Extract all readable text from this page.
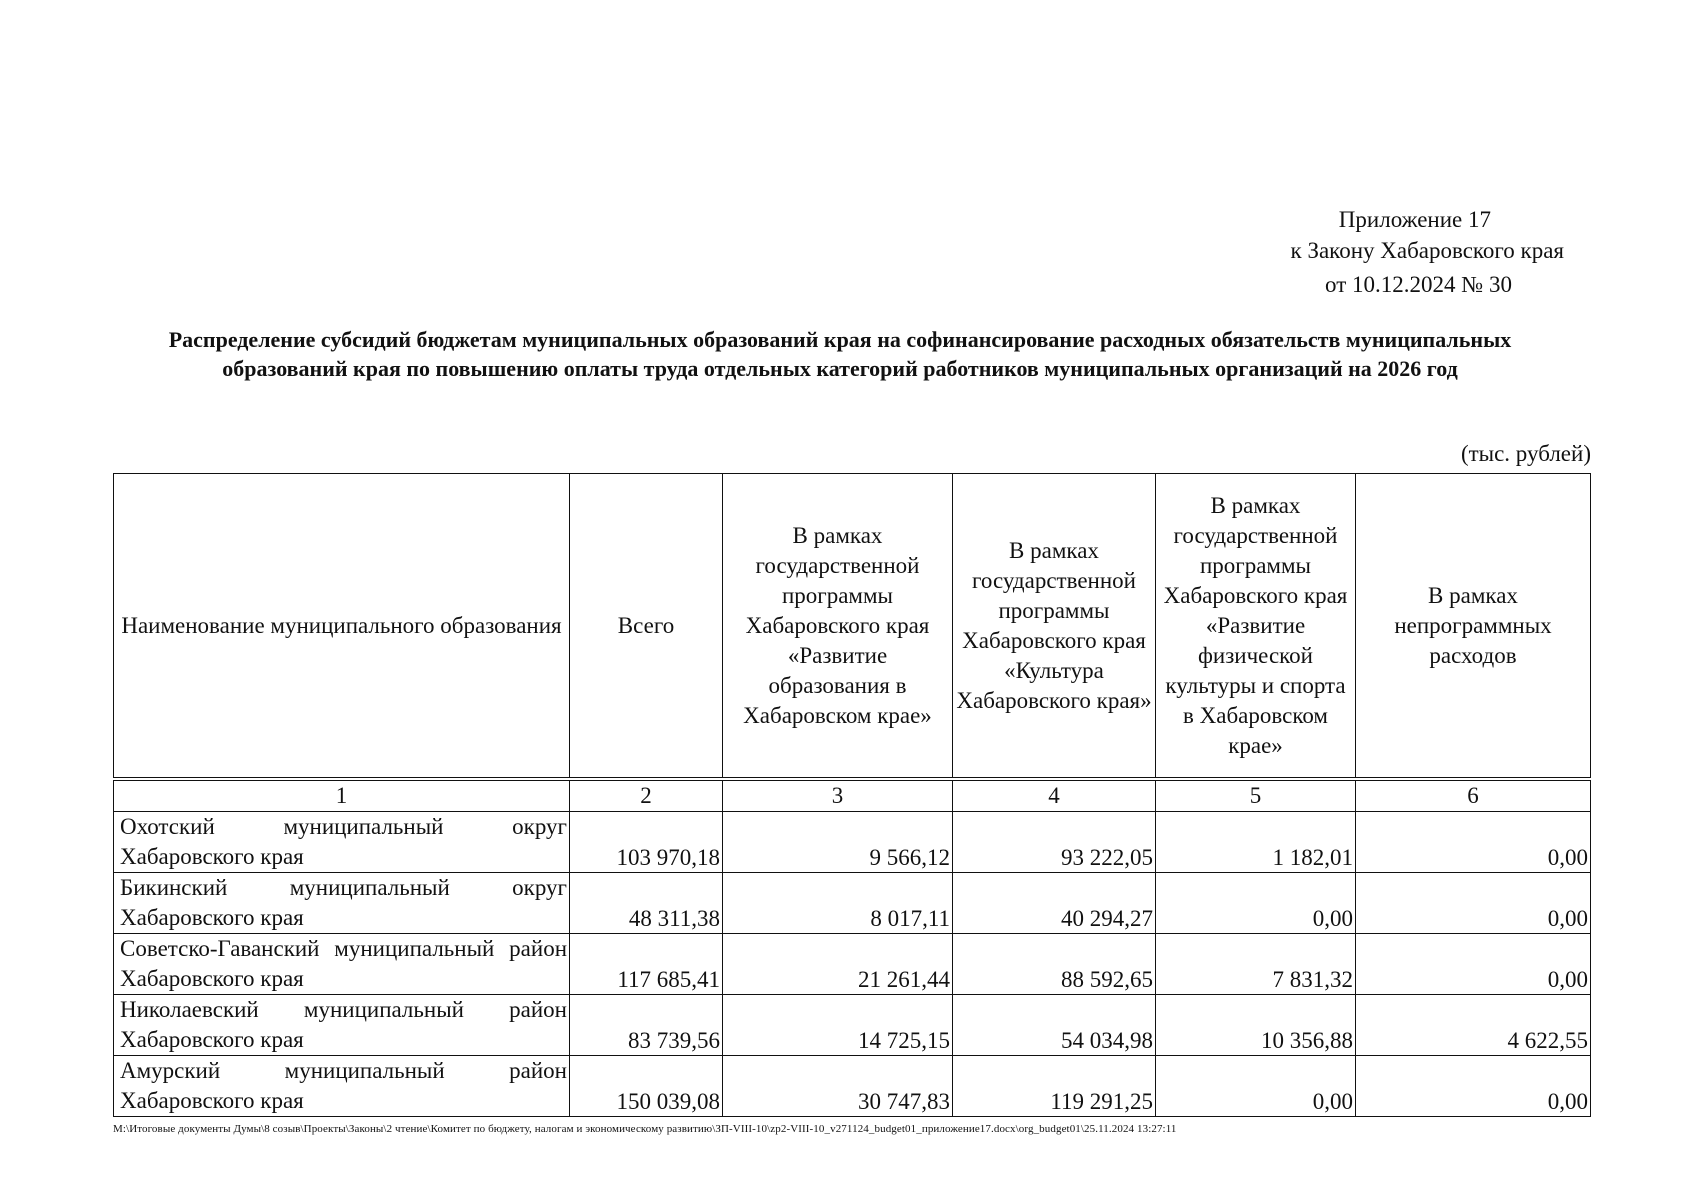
Приложение 17
к Закону Хабаровского края
от 10.12.2024 № 30
Распределение субсидий бюджетам муниципальных образований края на софинансирование расходных обязательств муниципальных образований края по повышению оплаты труда отдельных категорий работников муниципальных организаций на 2026 год
(тыс. рублей)
Наименование муниципального образования	Всего	В рамках государственной программы Хабаровского края «Развитие образования в Хабаровском крае»	В рамках государственной программы Хабаровского края «Культура Хабаровского края»	В рамках государственной программы Хабаровского края «Развитие физической культуры и спорта в Хабаровском крае»	В рамках непрограммных расходов
1	2	3	4	5	6
Охотский муниципальный округ Хабаровского края	103 970,18	9 566,12	93 222,05	1 182,01	0,00
Бикинский муниципальный округ Хабаровского края	48 311,38	8 017,11	40 294,27	0,00	0,00
Советско-Гаванский муниципальный район Хабаровского края	117 685,41	21 261,44	88 592,65	7 831,32	0,00
Николаевский муниципальный район Хабаровского края	83 739,56	14 725,15	54 034,98	10 356,88	4 622,55
Амурский муниципальный район Хабаровского края	150 039,08	30 747,83	119 291,25	0,00	0,00
M:\Итоговые документы Думы\8 созыв\Проекты\Законы\2 чтение\Комитет по бюджету, налогам и экономическому развитию\ЗП-VIII-10\zp2-VIII-10_v271124_budget01_приложение17.docx\org_budget01\25.11.2024 13:27:11
